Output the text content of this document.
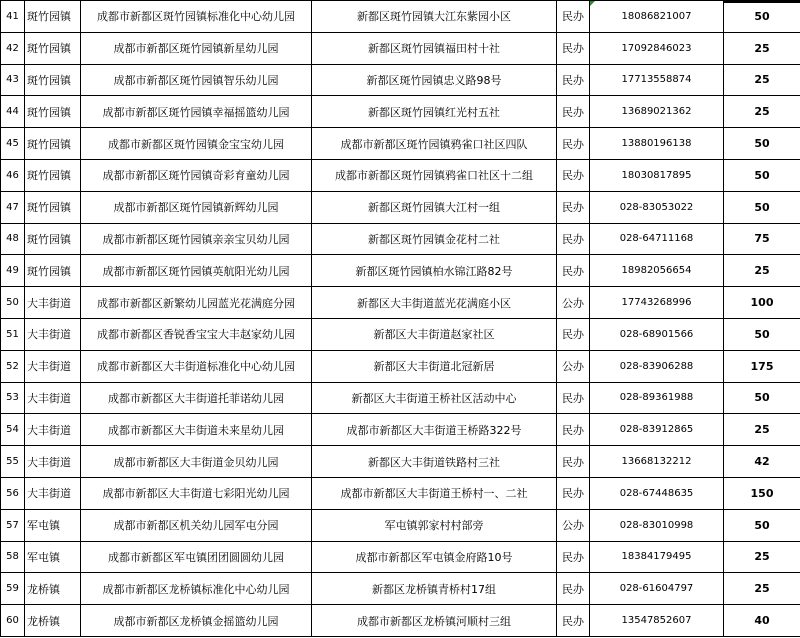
41	斑竹园镇	成都市新都区斑竹园镇标准化中心幼儿园	新都区斑竹园镇大江东紫园小区	民办	18086821007	50

42	斑竹园镇	成都市新都区斑竹园镇新星幼儿园	新都区斑竹园镇福田村十社	民办	17092846023	25
43	斑竹园镇	成都市新都区斑竹园镇智乐幼儿园	新都区斑竹园镇忠义路98号	民办	17713558874	25
44	斑竹园镇	成都市新都区斑竹园镇幸福摇篮幼儿园	新都区斑竹园镇红光村五社	民办	13689021362	25
45	斑竹园镇	成都市新都区斑竹园镇金宝宝幼儿园	成都市新都区斑竹园镇鸦雀口社区四队	民办	13880196138	50
46	斑竹园镇	成都市新都区斑竹园镇奇彩育童幼儿园	成都市新都区斑竹园镇鸦雀口社区十二组	民办	18030817895	50
47	斑竹园镇	成都市新都区斑竹园镇新辉幼儿园	新都区斑竹园镇大江村一组	民办	028-83053022	50
48	斑竹园镇	成都市新都区斑竹园镇亲亲宝贝幼儿园	新都区斑竹园镇金花村二社	民办	028-64711168	75
49	斑竹园镇	成都市新都区斑竹园镇英航阳光幼儿园	新都区斑竹园镇柏水锦江路82号	民办	18982056654	25
50	大丰街道	成都市新都区新繁幼儿园蓝光花满庭分园	新都区大丰街道蓝光花满庭小区	公办	17743268996	100
51	大丰街道	成都市新都区香锐香宝宝大丰赵家幼儿园	新都区大丰街道赵家社区	民办	028-68901566	50
52	大丰街道	成都市新都区大丰街道标准化中心幼儿园	新都区大丰街道北冠新居	公办	028-83906288	175
53	大丰街道	成都市新都区大丰街道托菲诺幼儿园	新都区大丰街道王桥社区活动中心	民办	028-89361988	50
54	大丰街道	成都市新都区大丰街道未来星幼儿园	成都市新都区大丰街道王桥路322号	民办	028-83912865	25
55	大丰街道	成都市新都区大丰街道金贝幼儿园	新都区大丰街道铁路村三社	民办	13668132212	42
56	大丰街道	成都市新都区大丰街道七彩阳光幼儿园	成都市新都区大丰街道王桥村一、二社	民办	028-67448635	150
57	军屯镇	成都市新都区机关幼儿园军屯分园	军屯镇郭家村村部旁	公办	028-83010998	50
58	军屯镇	成都市新都区军屯镇团团圆圆幼儿园	成都市新都区军屯镇金府路10号	民办	18384179495	25
59	龙桥镇	成都市新都区龙桥镇标准化中心幼儿园	新都区龙桥镇青桥村17组	民办	028-61604797	25
60	龙桥镇	成都市新都区龙桥镇金摇篮幼儿园	成都市新都区龙桥镇河顺村三组	民办	13547852607	40
